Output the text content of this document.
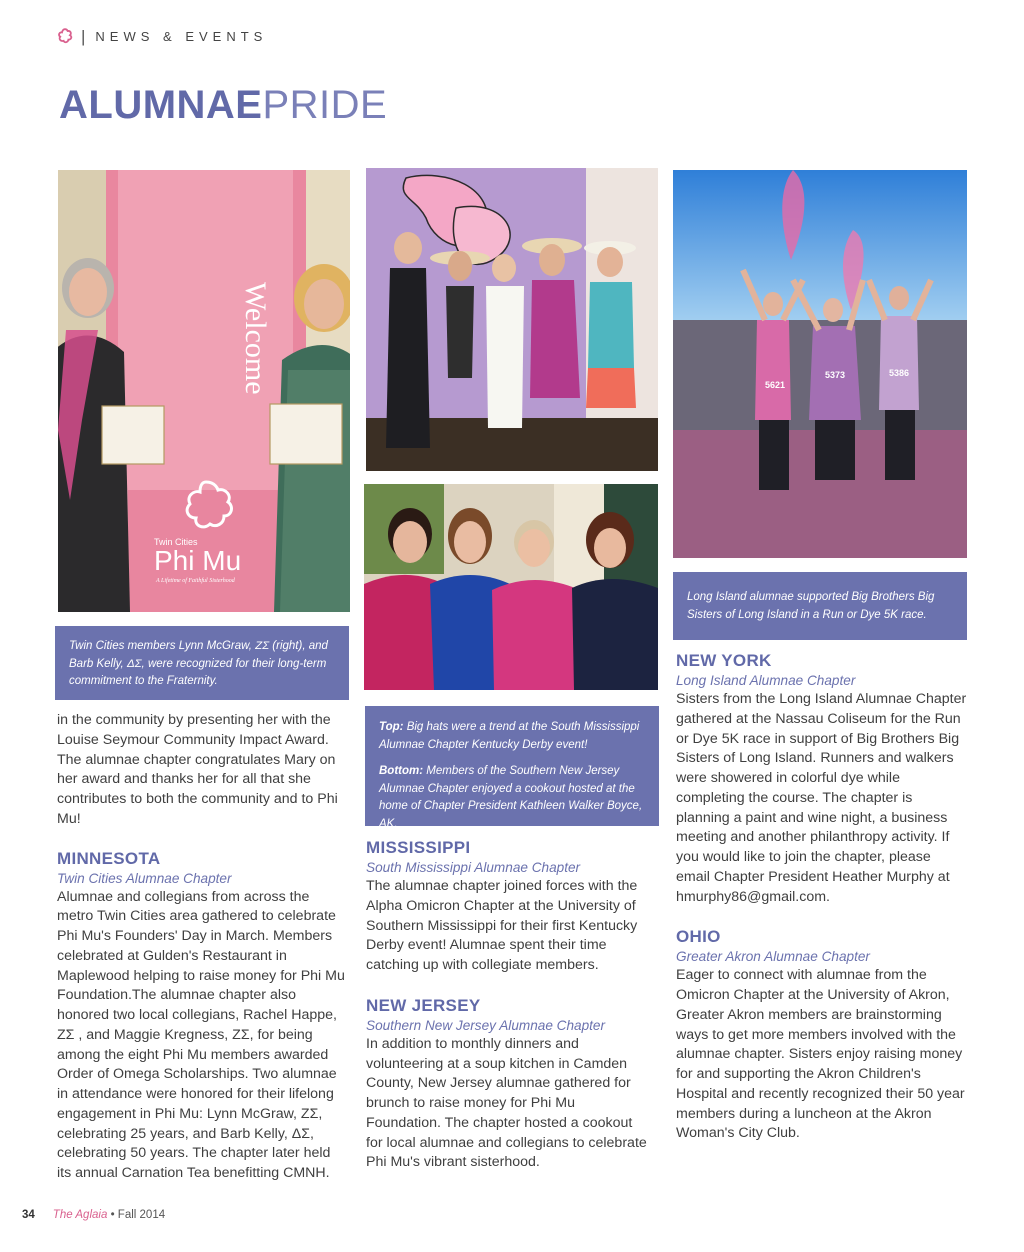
| NEWS & EVENTS
ALUMNAEPRIDE
Welcome
Twin Cities
Phi Mu
A Lifetime of Faithful Sisterhood
Twin Cities members Lynn McGraw, ΖΣ (right), and Barb Kelly, ΔΣ, were recognized for their long-term commitment to the Fraternity.
Top: Big hats were a trend at the South Mississippi Alumnae Chapter Kentucky Derby event!
Bottom: Members of the Southern New Jersey Alumnae Chapter enjoyed a cookout hosted at the home of Chapter President Kathleen Walker Boyce, AK.
5621
5373	5386
Long Island alumnae supported Big Brothers Big Sisters of Long Island in a Run or Dye 5K race.

in the community by presenting her with the Louise Seymour Community Impact Award. The alumnae chapter congratulates Mary on her award and thanks her for all that she contributes to both the community and to Phi Mu!

MINNESOTA
Twin Cities Alumnae Chapter

Alumnae and collegians from across the metro Twin Cities area gathered to celebrate Phi Mu's Founders' Day in March. Members celebrated at Gulden's Restaurant in Maplewood helping to raise money for Phi Mu Foundation.The alumnae chapter also honored two local collegians, Rachel Happe, ΖΣ , and Maggie Kregness, ΖΣ, for being among the eight Phi Mu members awarded Order of Omega Scholarships. Two alumnae in attendance were honored for their lifelong engagement in Phi Mu: Lynn McGraw, ΖΣ, celebrating 25 years, and Barb Kelly, ΔΣ, celebrating 50 years. The chapter later held its annual Carnation Tea benefitting CMNH.

MISSISSIPPI
South Mississippi Alumnae Chapter

The alumnae chapter joined forces with the Alpha Omicron Chapter at the University of Southern Mississippi for their first Kentucky Derby event! Alumnae spent their time catching up with collegiate members.

NEW JERSEY
Southern New Jersey Alumnae Chapter

In addition to monthly dinners and volunteering at a soup kitchen in Camden County, New Jersey alumnae gathered for brunch to raise money for Phi Mu Foundation. The chapter hosted a cookout for local alumnae and collegians to celebrate Phi Mu's vibrant sisterhood.

NEW YORK
Long Island Alumnae Chapter

Sisters from the Long Island Alumnae Chapter gathered at the Nassau Coliseum for the Run or Dye 5K race in support of Big Brothers Big Sisters of Long Island. Runners and walkers were showered in colorful dye while completing the course. The chapter is planning a paint and wine night, a business meeting and another philanthropy activity. If you would like to join the chapter, please email Chapter President Heather Murphy at hmurphy86@gmail.com.

OHIO
Greater Akron Alumnae Chapter

Eager to connect with alumnae from the Omicron Chapter at the University of Akron, Greater Akron members are brainstorming ways to get more members involved with the alumnae chapter. Sisters enjoy raising money for and supporting the Akron Children's Hospital and recently recognized their 50 year members during a luncheon at the Akron Woman's City Club.

34 The Aglaia • Fall 2014
